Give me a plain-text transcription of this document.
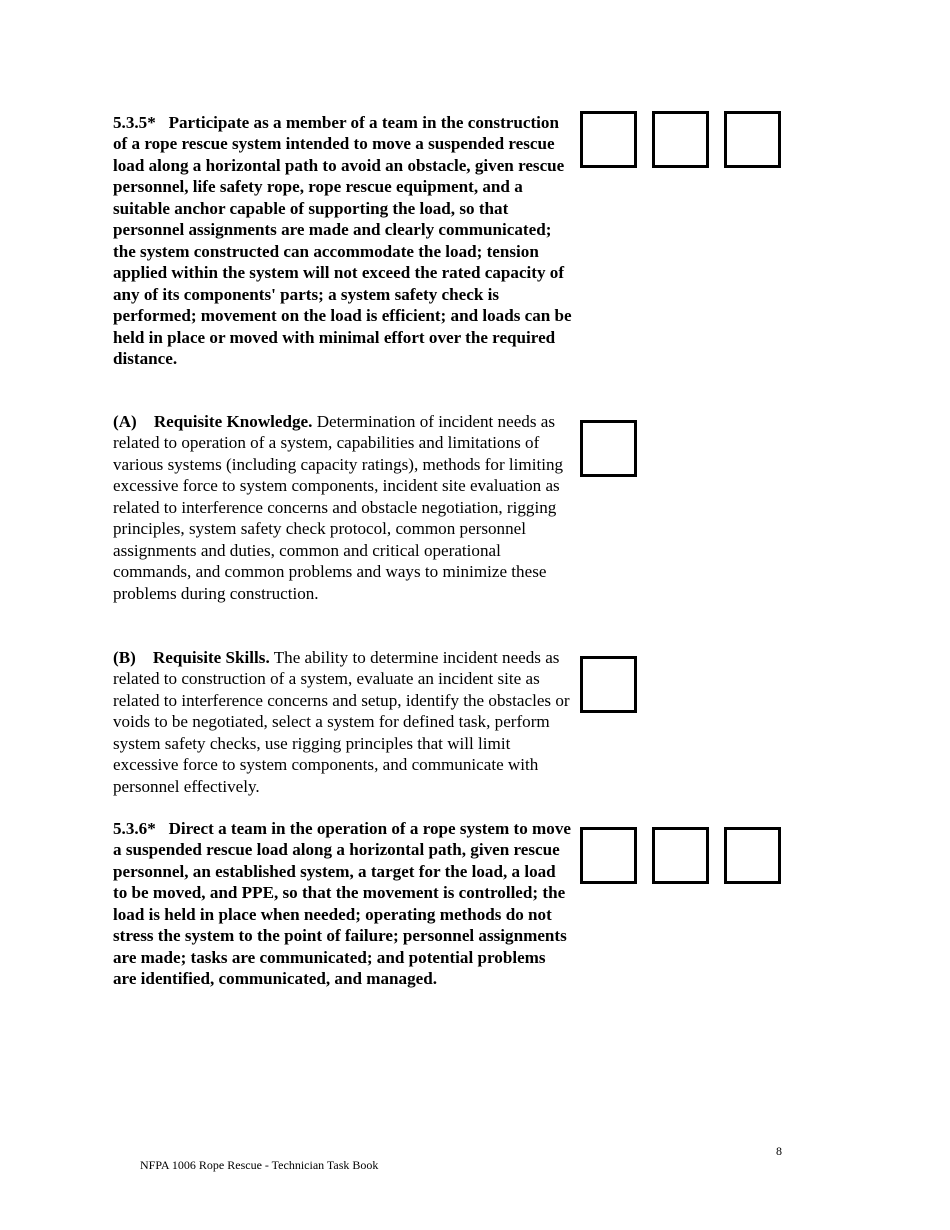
5.3.5* Participate as a member of a team in the construction of a rope rescue system intended to move a suspended rescue load along a horizontal path to avoid an obstacle, given rescue personnel, life safety rope, rope rescue equipment, and a suitable anchor capable of supporting the load, so that personnel assignments are made and clearly communicated; the system constructed can accommodate the load; tension applied within the system will not exceed the rated capacity of any of its components' parts; a system safety check is performed; movement on the load is efficient; and loads can be held in place or moved with minimal effort over the required distance.

(A) Requisite Knowledge. Determination of incident needs as related to operation of a system, capabilities and limitations of various systems (including capacity ratings), methods for limiting excessive force to system components, incident site evaluation as related to interference concerns and obstacle negotiation, rigging principles, system safety check protocol, common personnel assignments and duties, common and critical operational commands, and common problems and ways to minimize these problems during construction.

(B) Requisite Skills. The ability to determine incident needs as related to construction of a system, evaluate an incident site as related to interference concerns and setup, identify the obstacles or voids to be negotiated, select a system for defined task, perform system safety checks, use rigging principles that will limit excessive force to system components, and communicate with personnel effectively.

5.3.6* Direct a team in the operation of a rope system to move a suspended rescue load along a horizontal path, given rescue personnel, an established system, a target for the load, a load to be moved, and PPE, so that the movement is controlled; the load is held in place when needed; operating methods do not stress the system to the point of failure; personnel assignments are made; tasks are communicated; and potential problems are identified, communicated, and managed.

8
NFPA 1006 Rope Rescue - Technician Task Book
